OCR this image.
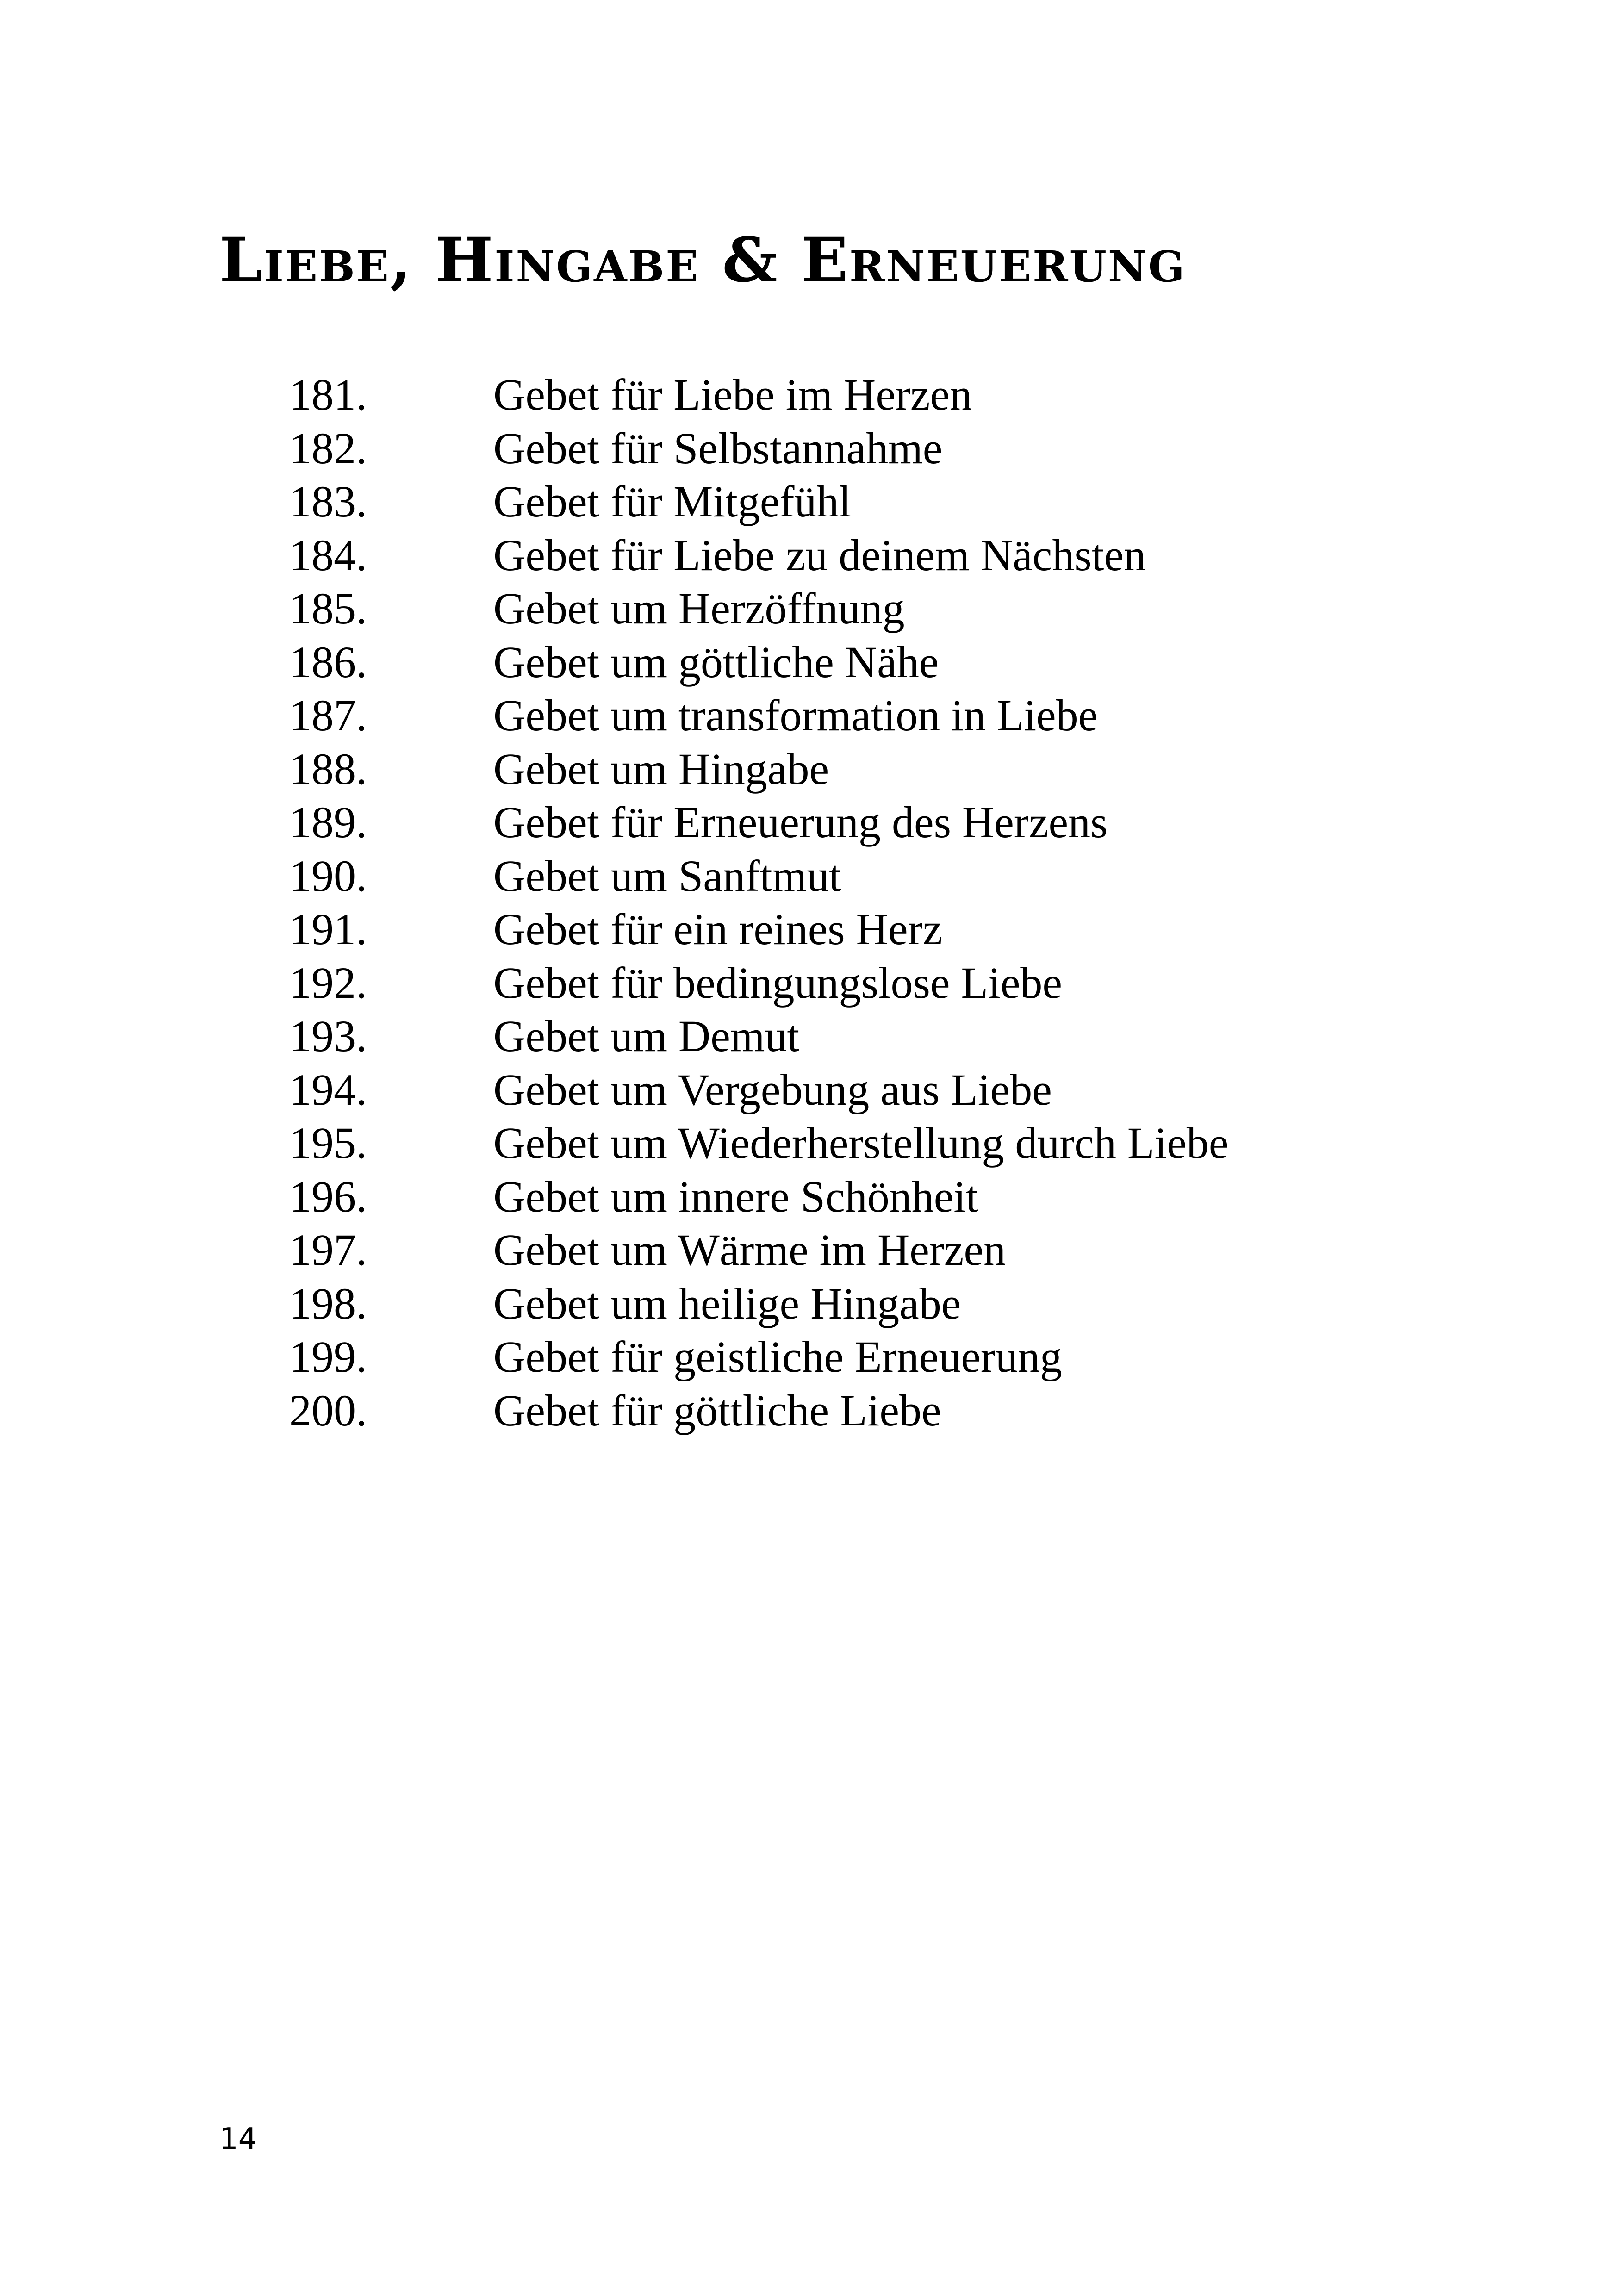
Liebe, Hingabe & Erneuerung
181.	Gebet für Liebe im Herzen
182.	Gebet für Selbstannahme
183.	Gebet für Mitgefühl
184.	Gebet für Liebe zu deinem Nächsten
185.	Gebet um Herzöffnung
186.	Gebet um göttliche Nähe
187.	Gebet um transformation in Liebe
188.	Gebet um Hingabe
189.	Gebet für Erneuerung des Herzens
190.	Gebet um Sanftmut
191.	Gebet für ein reines Herz
192.	Gebet für bedingungslose Liebe
193.	Gebet um Demut
194.	Gebet um Vergebung aus Liebe
195.	Gebet um Wiederherstellung durch Liebe
196.	Gebet um innere Schönheit
197.	Gebet um Wärme im Herzen
198.	Gebet um heilige Hingabe
199.	Gebet für geistliche Erneuerung
200.	Gebet für göttliche Liebe
14
